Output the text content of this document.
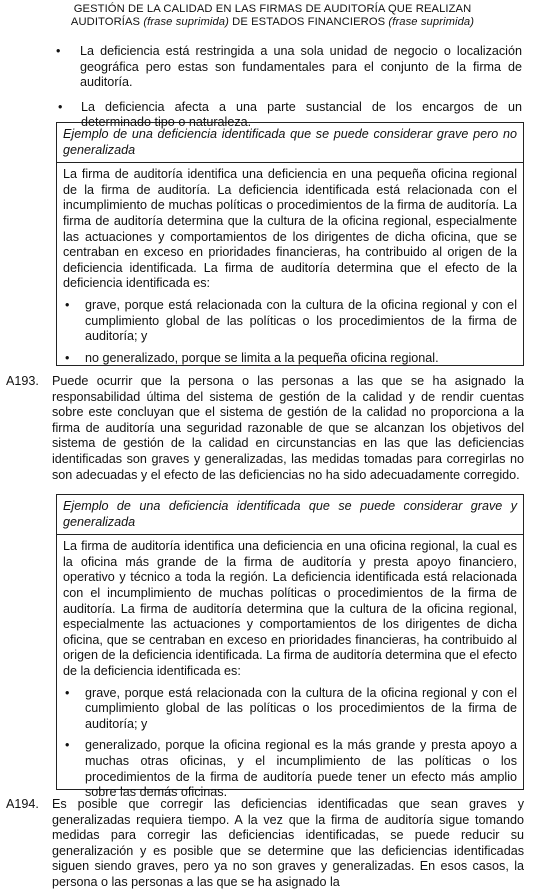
GESTIÓN DE LA CALIDAD EN LAS FIRMAS DE AUDITORÍA QUE REALIZAN
AUDITORÍAS (frase suprimida) DE ESTADOS FINANCIEROS (frase suprimida)
• La deficiencia está restringida a una sola unidad de negocio o localización geográfica pero estas son fundamentales para el conjunto de la firma de auditoría.
• La deficiencia afecta a una parte sustancial de los encargos de un determinado tipo o naturaleza.
Ejemplo de una deficiencia identificada que se puede considerar grave pero no generalizada

La firma de auditoría identifica una deficiencia en una pequeña oficina regional de la firma de auditoría. La deficiencia identificada está relacionada con el incumplimiento de muchas políticas o procedimientos de la firma de auditoría. La firma de auditoría determina que la cultura de la oficina regional, especialmente las actuaciones y comportamientos de los dirigentes de dicha oficina, que se centraban en exceso en prioridades financieras, ha contribuido al origen de la deficiencia identificada. La firma de auditoría determina que el efecto de la deficiencia identificada es:

• grave, porque está relacionada con la cultura de la oficina regional y con el cumplimiento global de las políticas o los procedimientos de la firma de auditoría; y
• no generalizado, porque se limita a la pequeña oficina regional.
A193. Puede ocurrir que la persona o las personas a las que se ha asignado la responsabilidad última del sistema de gestión de la calidad y de rendir cuentas sobre este concluyan que el sistema de gestión de la calidad no proporciona a la firma de auditoría una seguridad razonable de que se alcanzan los objetivos del sistema de gestión de la calidad en circunstancias en las que las deficiencias identificadas son graves y generalizadas, las medidas tomadas para corregirlas no son adecuadas y el efecto de las deficiencias no ha sido adecuadamente corregido.
Ejemplo de una deficiencia identificada que se puede considerar grave y generalizada

La firma de auditoría identifica una deficiencia en una oficina regional, la cual es la oficina más grande de la firma de auditoría y presta apoyo financiero, operativo y técnico a toda la región. La deficiencia identificada está relacionada con el incumplimiento de muchas políticas o procedimientos de la firma de auditoría. La firma de auditoría determina que la cultura de la oficina regional, especialmente las actuaciones y comportamientos de los dirigentes de dicha oficina, que se centraban en exceso en prioridades financieras, ha contribuido al origen de la deficiencia identificada. La firma de auditoría determina que el efecto de la deficiencia identificada es:

• grave, porque está relacionada con la cultura de la oficina regional y con el cumplimiento global de las políticas o los procedimientos de la firma de auditoría; y
• generalizado, porque la oficina regional es la más grande y presta apoyo a muchas otras oficinas, y el incumplimiento de las políticas o los procedimientos de la firma de auditoría puede tener un efecto más amplio sobre las demás oficinas.
A194. Es posible que corregir las deficiencias identificadas que sean graves y generalizadas requiera tiempo. A la vez que la firma de auditoría sigue tomando medidas para corregir las deficiencias identificadas, se puede reducir su generalización y es posible que se determine que las deficiencias identificadas siguen siendo graves, pero ya no son graves y generalizadas. En esos casos, la persona o las personas a las que se ha asignado la
